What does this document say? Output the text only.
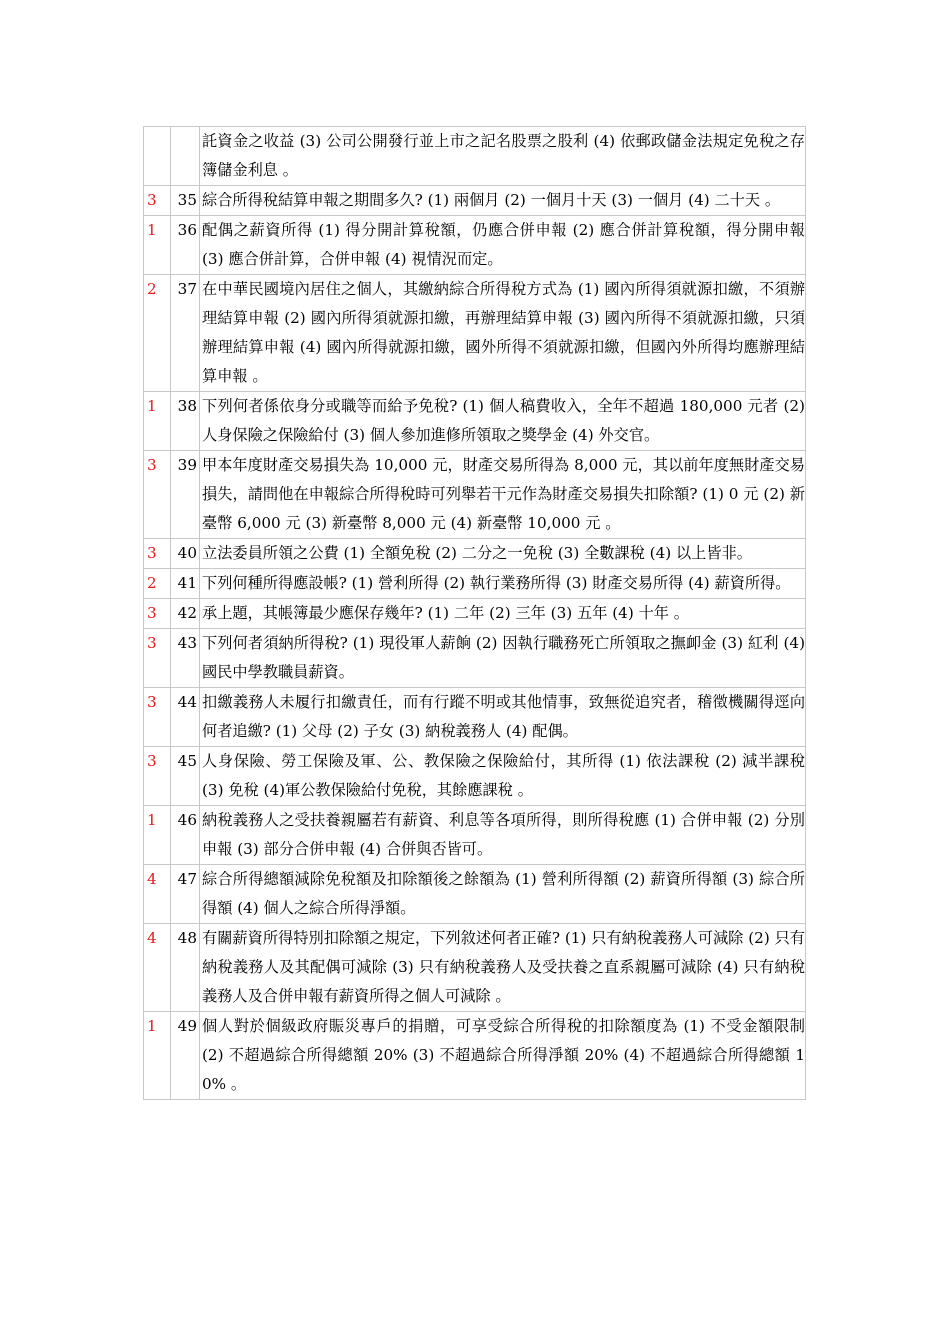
		託資金之收益 (3) 公司公開發行並上市之記名股票之股利 (4) 依郵政儲金法規定免稅之存簿儲金利息 。
3	35	綜合所得稅結算申報之期間多久? (1) 兩個月 (2) 一個月十天 (3) 一個月 (4) 二十天 。
1	36	配偶之薪資所得 (1) 得分開計算稅額，仍應合併申報 (2) 應合併計算稅額，得分開申報 (3) 應合併計算，合併申報 (4) 視情況而定。
2	37	在中華民國境內居住之個人，其繳納綜合所得稅方式為 (1) 國內所得須就源扣繳，不須辦理結算申報 (2) 國內所得須就源扣繳，再辦理結算申報 (3) 國內所得不須就源扣繳，只須辦理結算申報 (4) 國內所得就源扣繳，國外所得不須就源扣繳，但國內外所得均應辦理結算申報 。
1	38	下列何者係依身分或職等而給予免稅? (1) 個人稿費收入，全年不超過 180,000 元者 (2) 人身保險之保險給付 (3) 個人參加進修所領取之獎學金 (4) 外交官。
3	39	甲本年度財產交易損失為 10,000 元，財產交易所得為 8,000 元，其以前年度無財產交易損失，請問他在申報綜合所得稅時可列舉若干元作為財產交易損失扣除額? (1) 0 元 (2) 新臺幣 6,000 元 (3) 新臺幣 8,000 元 (4) 新臺幣 10,000 元 。
3	40	立法委員所領之公費 (1) 全額免稅 (2) 二分之一免稅 (3) 全數課稅 (4) 以上皆非。
2	41	下列何種所得應設帳? (1) 營利所得 (2) 執行業務所得 (3) 財產交易所得 (4) 薪資所得。
3	42	承上題，其帳簿最少應保存幾年? (1) 二年 (2) 三年 (3) 五年 (4) 十年 。
3	43	下列何者須納所得稅? (1) 現役軍人薪餉 (2) 因執行職務死亡所領取之撫卹金 (3) 紅利 (4) 國民中學教職員薪資。
3	44	扣繳義務人未履行扣繳責任，而有行蹤不明或其他情事，致無從追究者，稽徵機關得逕向何者追繳? (1) 父母 (2) 子女 (3) 納稅義務人 (4) 配偶。
3	45	人身保險、勞工保險及軍、公、教保險之保險給付，其所得 (1) 依法課稅 (2) 減半課稅 (3) 免稅 (4)軍公教保險給付免稅，其餘應課稅 。
1	46	納稅義務人之受扶養親屬若有薪資、利息等各項所得，則所得稅應 (1) 合併申報 (2) 分別申報 (3) 部分合併申報 (4) 合併與否皆可。
4	47	綜合所得總額減除免稅額及扣除額後之餘額為 (1) 營利所得額 (2) 薪資所得額 (3) 綜合所得額 (4) 個人之綜合所得淨額。
4	48	有關薪資所得特別扣除額之規定，下列敘述何者正確? (1) 只有納稅義務人可減除 (2) 只有納稅義務人及其配偶可減除 (3) 只有納稅義務人及受扶養之直系親屬可減除 (4) 只有納稅義務人及合併申報有薪資所得之個人可減除 。
1	49	個人對於個級政府賑災專戶的捐贈，可享受綜合所得稅的扣除額度為 (1) 不受金額限制 (2) 不超過綜合所得總額 20% (3) 不超過綜合所得淨額 20% (4) 不超過綜合所得總額 10% 。
